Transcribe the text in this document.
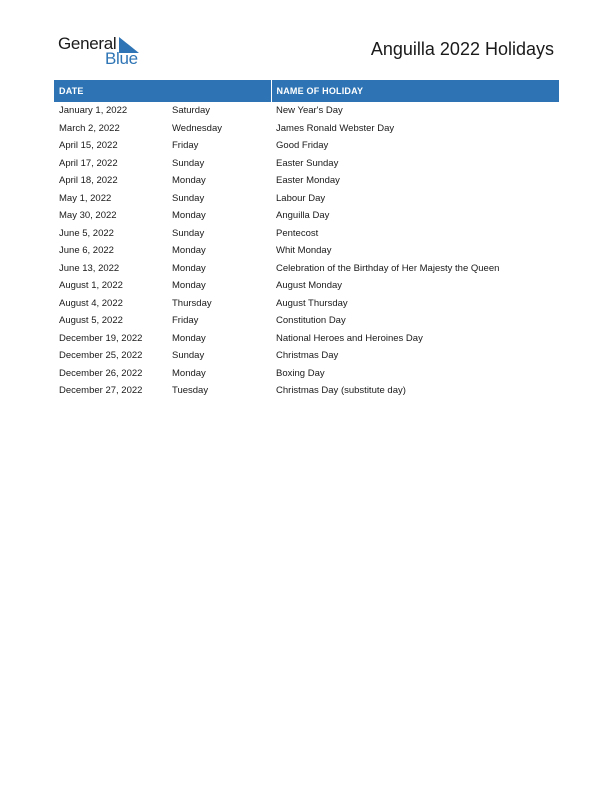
General
Blue	Anguilla 2022 Holidays
DATE		NAME OF HOLIDAY
January 1, 2022	Saturday	New Year's Day
March 2, 2022	Wednesday	James Ronald Webster Day
April 15, 2022	Friday	Good Friday
April 17, 2022	Sunday	Easter Sunday
April 18, 2022	Monday	Easter Monday
May 1, 2022	Sunday	Labour Day
May 30, 2022	Monday	Anguilla Day
June 5, 2022	Sunday	Pentecost
June 6, 2022	Monday	Whit Monday
June 13, 2022	Monday	Celebration of the Birthday of Her Majesty the Queen
August 1, 2022	Monday	August Monday
August 4, 2022	Thursday	August Thursday
August 5, 2022	Friday	Constitution Day
December 19, 2022	Monday	National Heroes and Heroines Day
December 25, 2022	Sunday	Christmas Day
December 26, 2022	Monday	Boxing Day
December 27, 2022	Tuesday	Christmas Day (substitute day)
